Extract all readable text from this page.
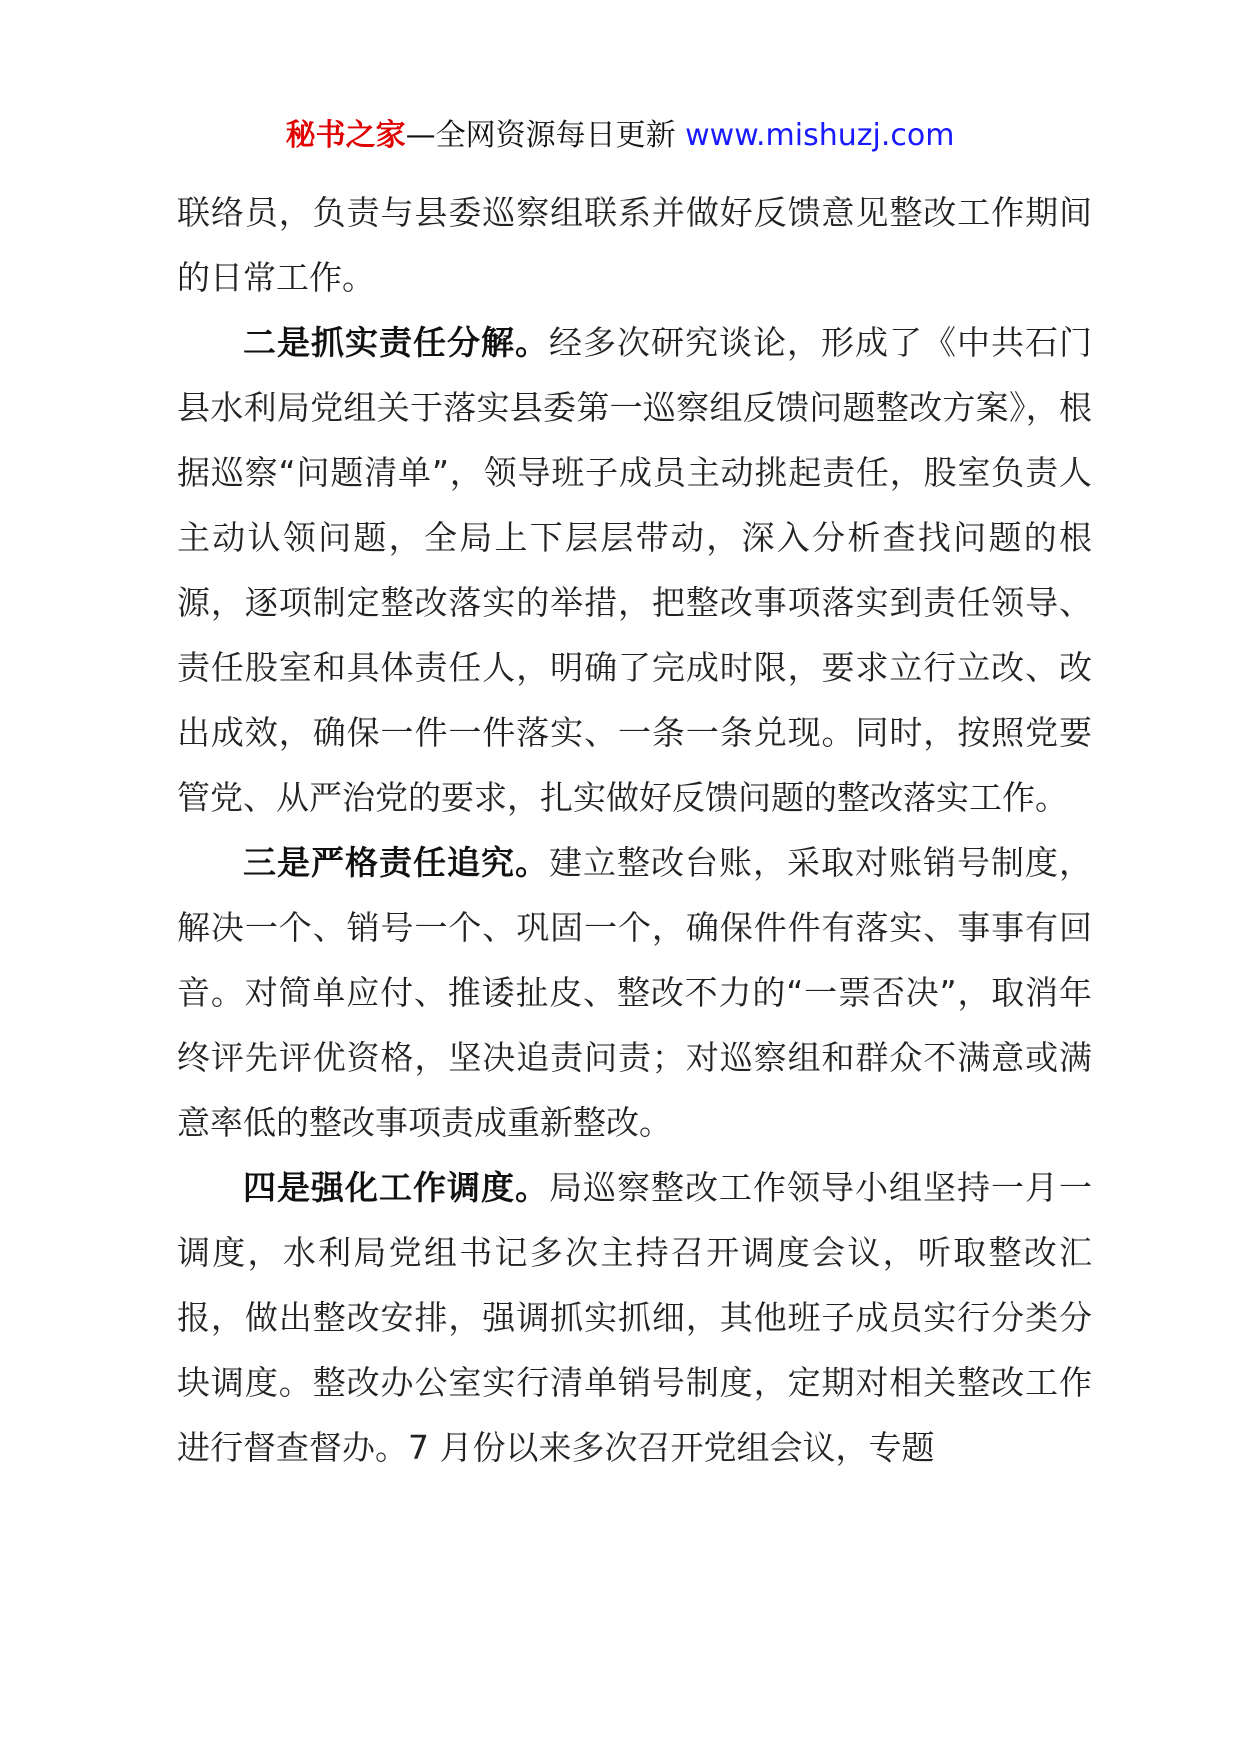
秘书之家—全网资源每日更新 www.mishuzj.com

联络员，负责与县委巡察组联系并做好反馈意见整改工作期间的日常工作。

二是抓实责任分解。经多次研究谈论，形成了《中共石门县水利局党组关于落实县委第一巡察组反馈问题整改方案》，根据巡察“问题清单”，领导班子成员主动挑起责任，股室负责人主动认领问题，全局上下层层带动，深入分析查找问题的根源，逐项制定整改落实的举措，把整改事项落实到责任领导、责任股室和具体责任人，明确了完成时限，要求立行立改、改出成效，确保一件一件落实、一条一条兑现。同时，按照党要管党、从严治党的要求，扎实做好反馈问题的整改落实工作。

三是严格责任追究。建立整改台账，采取对账销号制度，解决一个、销号一个、巩固一个，确保件件有落实、事事有回音。对简单应付、推诿扯皮、整改不力的“一票否决”，取消年终评先评优资格，坚决追责问责；对巡察组和群众不满意或满意率低的整改事项责成重新整改。

四是强化工作调度。局巡察整改工作领导小组坚持一月一调度，水利局党组书记多次主持召开调度会议，听取整改汇报，做出整改安排，强调抓实抓细，其他班子成员实行分类分块调度。整改办公室实行清单销号制度，定期对相关整改工作进行督查督办。7 月份以来多次召开党组会议，专题
